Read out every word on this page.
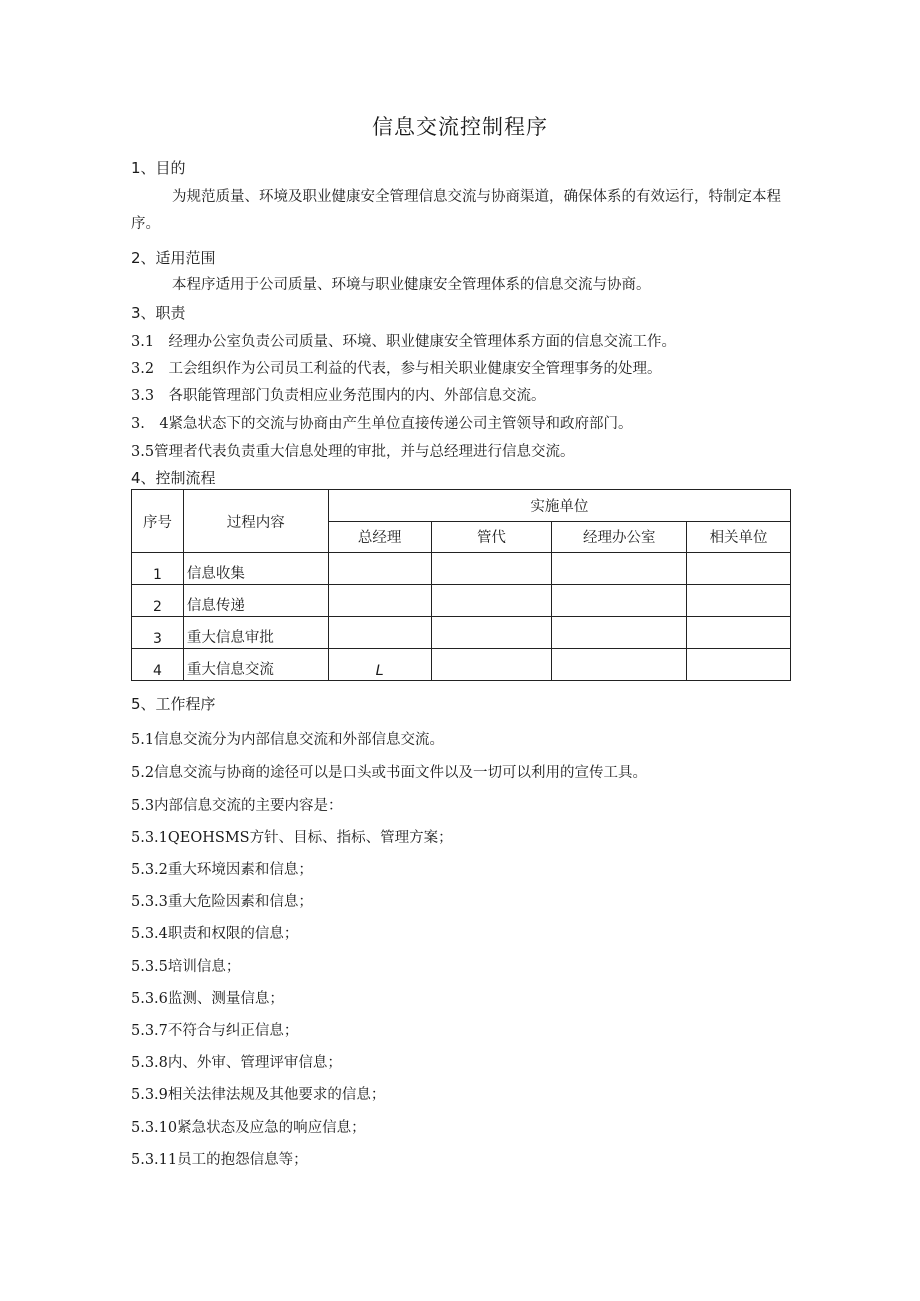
信息交流控制程序
1、目的
为规范质量、环境及职业健康安全管理信息交流与协商渠道，确保体系的有效运行，特制定本程序。
2、适用范围
本程序适用于公司质量、环境与职业健康安全管理体系的信息交流与协商。
3、职责
3.1　经理办公室负责公司质量、环境、职业健康安全管理体系方面的信息交流工作。
3.2　工会组织作为公司员工利益的代表，参与相关职业健康安全管理事务的处理。
3.3　各职能管理部门负责相应业务范围内的内、外部信息交流。
3.　4紧急状态下的交流与协商由产生单位直接传递公司主管领导和政府部门。
3.5管理者代表负责重大信息处理的审批，并与总经理进行信息交流。
4、控制流程
序号	过程内容	实施单位			
		总经理	管代	经理办公室	相关单位
1	信息收集				
2	信息传递				
3	重大信息审批				
4	重大信息交流	L			
5、工作程序
5.1信息交流分为内部信息交流和外部信息交流。
5.2信息交流与协商的途径可以是口头或书面文件以及一切可以利用的宣传工具。
5.3内部信息交流的主要内容是：
5.3.1QEOHSMS方针、目标、指标、管理方案；
5.3.2重大环境因素和信息；
5.3.3重大危险因素和信息；
5.3.4职责和权限的信息；
5.3.5培训信息；
5.3.6监测、测量信息；
5.3.7不符合与纠正信息；
5.3.8内、外审、管理评审信息；
5.3.9相关法律法规及其他要求的信息；
5.3.10紧急状态及应急的响应信息；
5.3.11员工的抱怨信息等；
